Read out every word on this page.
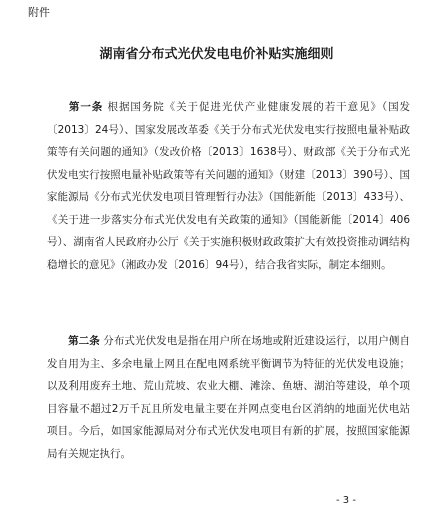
附件
湖南省分布式光伏发电电价补贴实施细则

第一条 根据国务院《关于促进光伏产业健康发展的若干意见》（国发〔2013〕24号）、国家发展改革委《关于分布式光伏发电实行按照电量补贴政策等有关问题的通知》（发改价格〔2013〕1638号）、财政部《关于分布式光伏发电实行按照电量补贴政策等有关问题的通知》（财建〔2013〕390号）、国家能源局《分布式光伏发电项目管理暂行办法》（国能新能〔2013〕433号）、《关于进一步落实分布式光伏发电有关政策的通知》（国能新能〔2014〕406号）、湖南省人民政府办公厅《关于实施积极财政政策扩大有效投资推动调结构稳增长的意见》（湘政办发〔2016〕94号），结合我省实际，制定本细则。

第二条 分布式光伏发电是指在用户所在场地或附近建设运行，以用户侧自发自用为主、多余电量上网且在配电网系统平衡调节为特征的光伏发电设施；以及利用废弃土地、荒山荒坡、农业大棚、滩涂、鱼塘、湖泊等建设，单个项目容量不超过2万千瓦且所发电量主要在并网点变电台区消纳的地面光伏电站项目。今后，如国家能源局对分布式光伏发电项目有新的扩展，按照国家能源局有关规定执行。

- 3 -
